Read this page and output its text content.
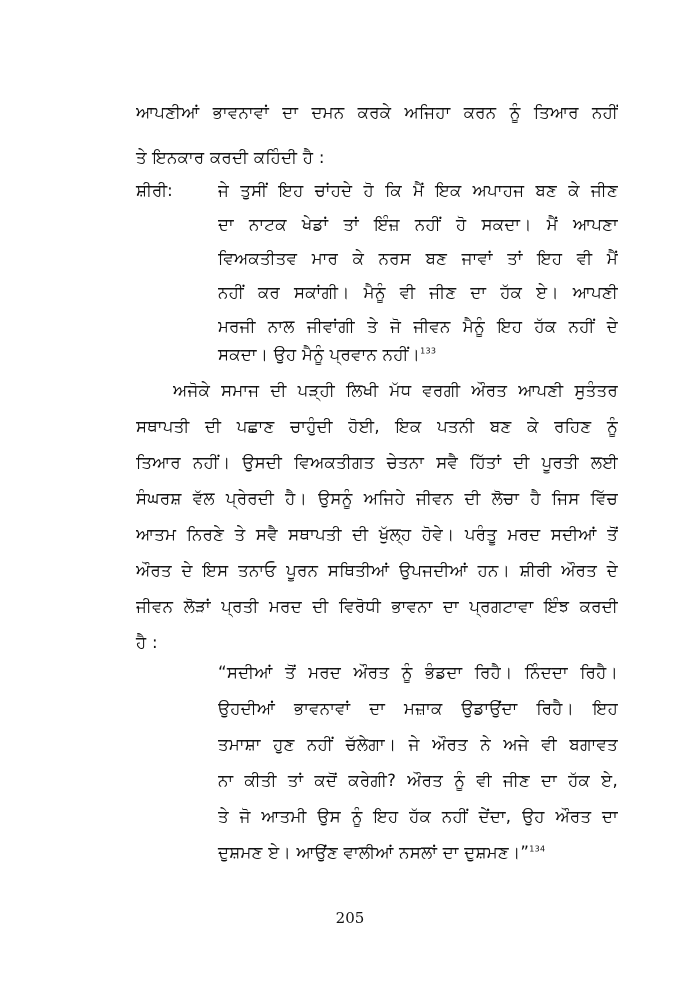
ਆਪਣੀਆਂ ਭਾਵਨਾਵਾਂ ਦਾ ਦਮਨ ਕਰਕੇ ਅਜਿਹਾ ਕਰਨ ਨੂੰ ਤਿਆਰ ਨਹੀਂ
ਤੇ ਇਨਕਾਰ ਕਰਦੀ ਕਹਿੰਦੀ ਹੈ :
ਸ਼ੀਰੀ:	ਜੇ ਤੁਸੀਂ ਇਹ ਚਾਂਹਦੇ ਹੋ ਕਿ ਮੈਂ ਇਕ ਅਪਾਹਜ ਬਣ ਕੇ ਜੀਣ
ਦਾ ਨਾਟਕ ਖੇਡਾਂ ਤਾਂ ਇੰਜ਼ ਨਹੀਂ ਹੋ ਸਕਦਾ। ਮੈਂ ਆਪਣਾ
ਵਿਅਕਤੀਤਵ ਮਾਰ ਕੇ ਨਰਸ ਬਣ ਜਾਵਾਂ ਤਾਂ ਇਹ ਵੀ ਮੈਂ
ਨਹੀਂ ਕਰ ਸਕਾਂਗੀ। ਮੈਨੂੰ ਵੀ ਜੀਣ ਦਾ ਹੱਕ ਏ। ਆਪਣੀ
ਮਰਜੀ ਨਾਲ ਜੀਵਾਂਗੀ ਤੇ ਜੋ ਜੀਵਨ ਮੈਨੂੰ ਇਹ ਹੱਕ ਨਹੀਂ ਦੇ
ਸਕਦਾ। ਉਹ ਮੈਨੂੰ ਪ੍ਰਵਾਨ ਨਹੀਂ।$^{133}$
ਅਜੋਕੇ ਸਮਾਜ ਦੀ ਪੜ੍ਹੀ ਲਿਖੀ ਮੱਧ ਵਰਗੀ ਔਰਤ ਆਪਣੀ ਸੁਤੰਤਰ
ਸਥਾਪਤੀ ਦੀ ਪਛਾਣ ਚਾਹੁੰਦੀ ਹੋਈ, ਇਕ ਪਤਨੀ ਬਣ ਕੇ ਰਹਿਣ ਨੂੰ
ਤਿਆਰ ਨਹੀਂ। ਉਸਦੀ ਵਿਅਕਤੀਗਤ ਚੇਤਨਾ ਸਵੈ ਹਿੱਤਾਂ ਦੀ ਪੂਰਤੀ ਲਈ
ਸੰਘਰਸ਼ ਵੱਲ ਪ੍ਰੇਰਦੀ ਹੈ। ਉਸਨੂੰ ਅਜਿਹੇ ਜੀਵਨ ਦੀ ਲੋਚਾ ਹੈ ਜਿਸ ਵਿੱਚ
ਆਤਮ ਨਿਰਣੇ ਤੇ ਸਵੈ ਸਥਾਪਤੀ ਦੀ ਖੁੱਲ੍ਹ ਹੋਵੇ। ਪਰੰਤੂ ਮਰਦ ਸਦੀਆਂ ਤੋਂ
ਔਰਤ ਦੇ ਇਸ ਤਨਾਓ ਪੂਰਨ ਸਥਿਤੀਆਂ ਉਪਜਦੀਆਂ ਹਨ। ਸ਼ੀਰੀ ਔਰਤ ਦੇ
ਜੀਵਨ ਲੋੜਾਂ ਪ੍ਰਤੀ ਮਰਦ ਦੀ ਵਿਰੋਧੀ ਭਾਵਨਾ ਦਾ ਪ੍ਰਗਟਾਵਾ ਇੰਝ ਕਰਦੀ
ਹੈ :
“ਸਦੀਆਂ ਤੋਂ ਮਰਦ ਔਰਤ ਨੂੰ ਭੰਡਦਾ ਰਿਹੈ। ਨਿੰਦਦਾ ਰਿਹੈ।
ਉਹਦੀਆਂ ਭਾਵਨਾਵਾਂ ਦਾ ਮਜ਼ਾਕ ਉਡਾਉਂਦਾ ਰਿਹੈ। ਇਹ
ਤਮਾਸ਼ਾ ਹੁਣ ਨਹੀਂ ਚੱਲੇਗਾ। ਜੇ ਔਰਤ ਨੇ ਅਜੇ ਵੀ ਬਗਾਵਤ
ਨਾ ਕੀਤੀ ਤਾਂ ਕਦੋਂ ਕਰੇਗੀ? ਔਰਤ ਨੂੰ ਵੀ ਜੀਣ ਦਾ ਹੱਕ ਏ,
ਤੇ ਜੋ ਆਤਮੀ ਉਸ ਨੂੰ ਇਹ ਹੱਕ ਨਹੀਂ ਦੇਂਦਾ, ਉਹ ਔਰਤ ਦਾ
ਦੁਸ਼ਮਣ ਏ। ਆਉਂਣ ਵਾਲੀਆਂ ਨਸਲਾਂ ਦਾ ਦੁਸ਼ਮਣ।”$^{134}$
205
